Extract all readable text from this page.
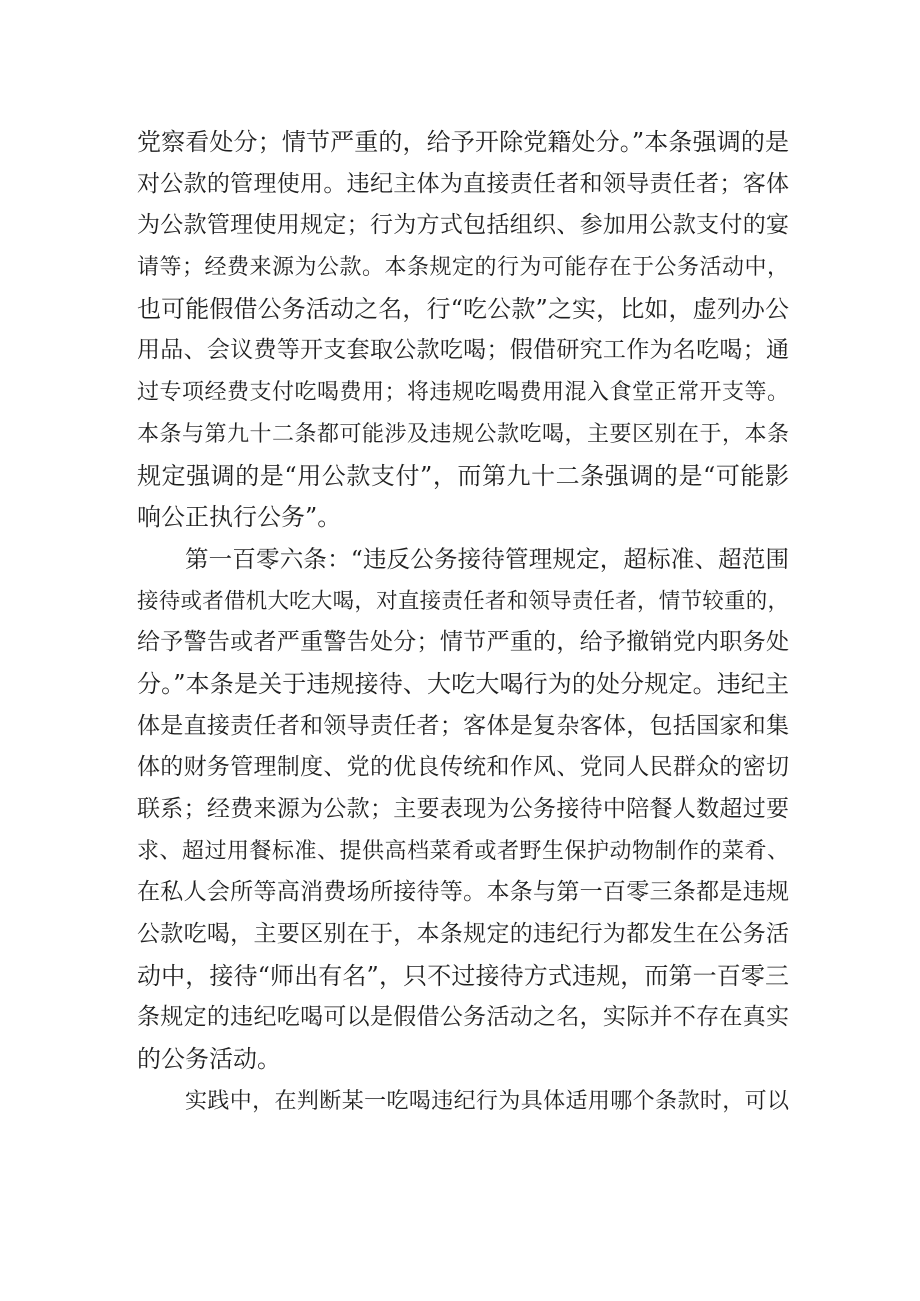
党察看处分；情节严重的，给予开除党籍处分。”本条强调的是
对公款的管理使用。违纪主体为直接责任者和领导责任者；客体
为公款管理使用规定；行为方式包括组织、参加用公款支付的宴
请等；经费来源为公款。本条规定的行为可能存在于公务活动中，
也可能假借公务活动之名，行“吃公款”之实，比如，虚列办公
用品、会议费等开支套取公款吃喝；假借研究工作为名吃喝；通
过专项经费支付吃喝费用；将违规吃喝费用混入食堂正常开支等。
本条与第九十二条都可能涉及违规公款吃喝，主要区别在于，本条
规定强调的是“用公款支付”，而第九十二条强调的是“可能影
响公正执行公务”。
第一百零六条：“违反公务接待管理规定，超标准、超范围
接待或者借机大吃大喝，对直接责任者和领导责任者，情节较重的，
给予警告或者严重警告处分；情节严重的，给予撤销党内职务处
分。”本条是关于违规接待、大吃大喝行为的处分规定。违纪主
体是直接责任者和领导责任者；客体是复杂客体，包括国家和集
体的财务管理制度、党的优良传统和作风、党同人民群众的密切
联系；经费来源为公款；主要表现为公务接待中陪餐人数超过要
求、超过用餐标准、提供高档菜肴或者野生保护动物制作的菜肴、
在私人会所等高消费场所接待等。本条与第一百零三条都是违规
公款吃喝，主要区别在于，本条规定的违纪行为都发生在公务活
动中，接待“师出有名”，只不过接待方式违规，而第一百零三
条规定的违纪吃喝可以是假借公务活动之名，实际并不存在真实
的公务活动。
实践中，在判断某一吃喝违纪行为具体适用哪个条款时，可以
